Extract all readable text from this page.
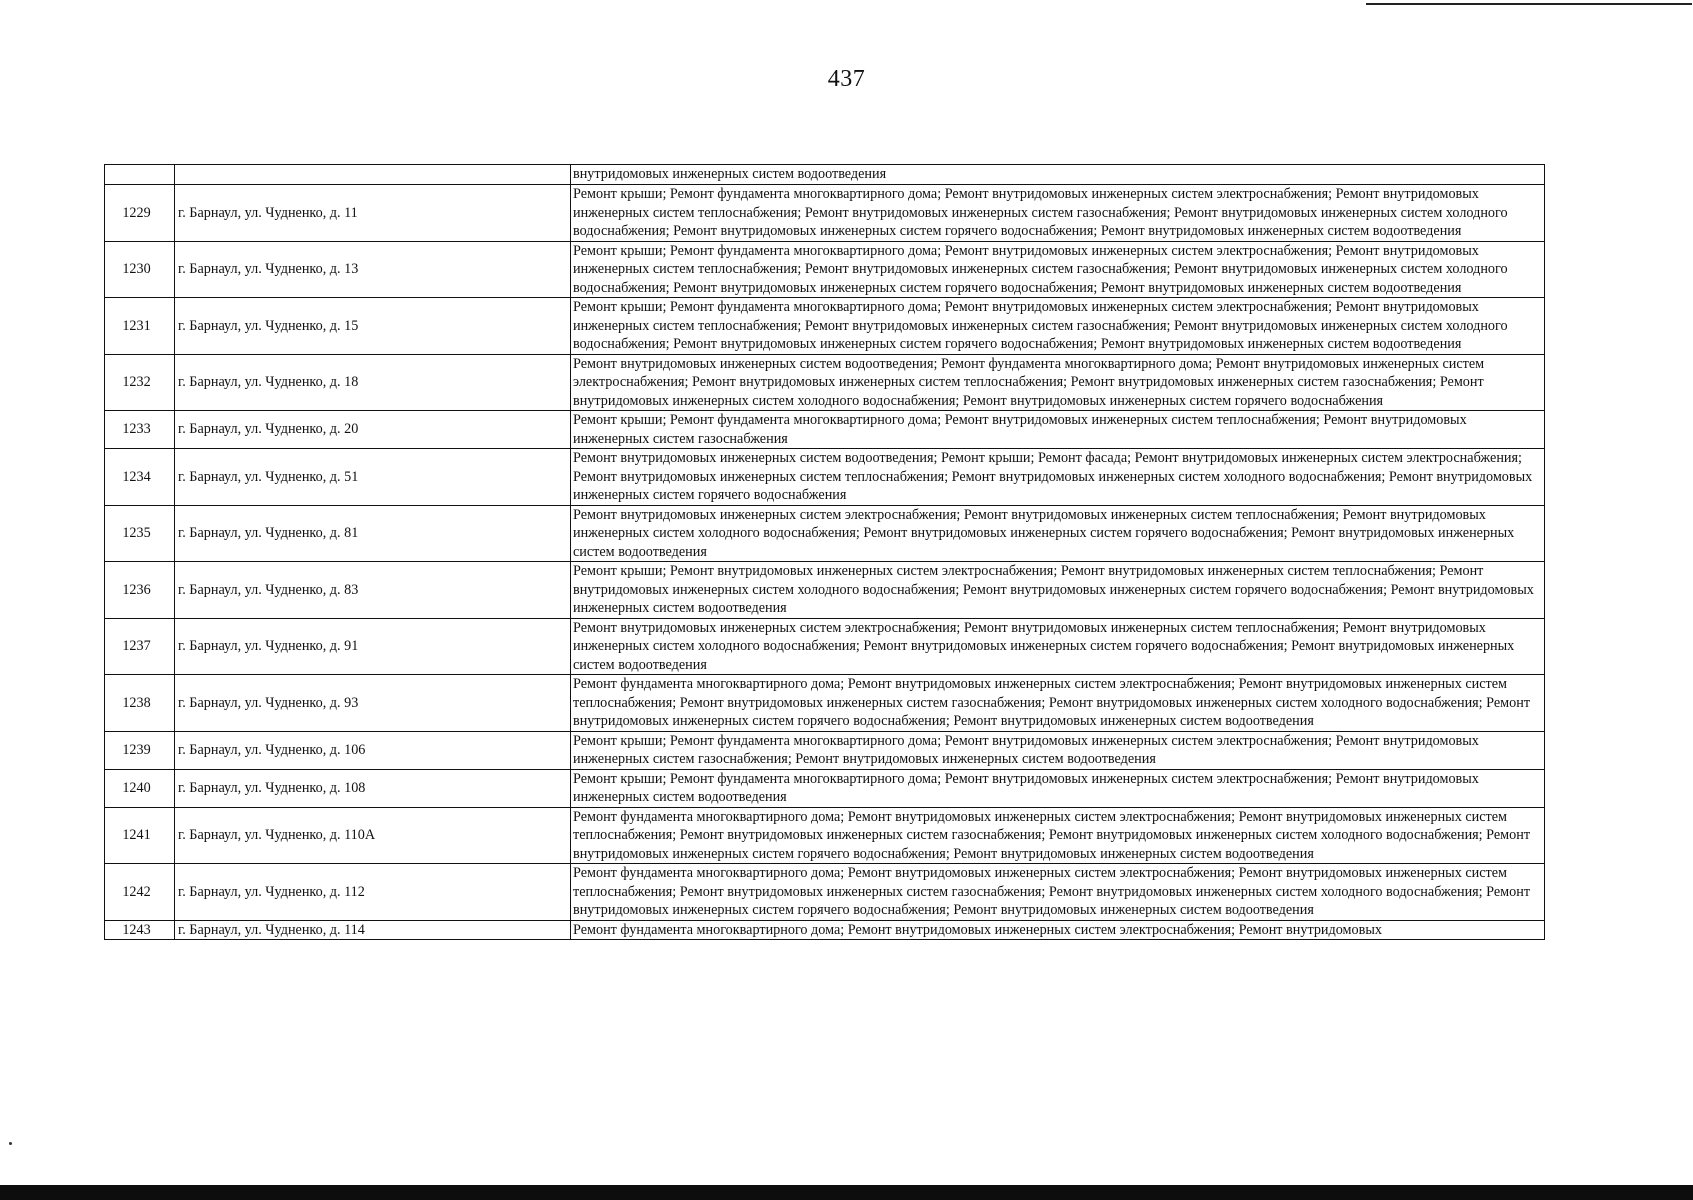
437
		внутридомовых инженерных систем водоотведения
1229	г. Барнаул, ул. Чудненко, д. 11	Ремонт крыши; Ремонт фундамента многоквартирного дома; Ремонт внутридомовых инженерных систем электроснабжения; Ремонт внутридомовых инженерных систем теплоснабжения; Ремонт внутридомовых инженерных систем газоснабжения; Ремонт внутридомовых инженерных систем холодного водоснабжения; Ремонт внутридомовых инженерных систем горячего водоснабжения; Ремонт внутридомовых инженерных систем водоотведения
1230	г. Барнаул, ул. Чудненко, д. 13	Ремонт крыши; Ремонт фундамента многоквартирного дома; Ремонт внутридомовых инженерных систем электроснабжения; Ремонт внутридомовых инженерных систем теплоснабжения; Ремонт внутридомовых инженерных систем газоснабжения; Ремонт внутридомовых инженерных систем холодного водоснабжения; Ремонт внутридомовых инженерных систем горячего водоснабжения; Ремонт внутридомовых инженерных систем водоотведения
1231	г. Барнаул, ул. Чудненко, д. 15	Ремонт крыши; Ремонт фундамента многоквартирного дома; Ремонт внутридомовых инженерных систем электроснабжения; Ремонт внутридомовых инженерных систем теплоснабжения; Ремонт внутридомовых инженерных систем газоснабжения; Ремонт внутридомовых инженерных систем холодного водоснабжения; Ремонт внутридомовых инженерных систем горячего водоснабжения; Ремонт внутридомовых инженерных систем водоотведения
1232	г. Барнаул, ул. Чудненко, д. 18	Ремонт внутридомовых инженерных систем водоотведения; Ремонт фундамента многоквартирного дома; Ремонт внутридомовых инженерных систем электроснабжения; Ремонт внутридомовых инженерных систем теплоснабжения; Ремонт внутридомовых инженерных систем газоснабжения; Ремонт внутридомовых инженерных систем холодного водоснабжения; Ремонт внутридомовых инженерных систем горячего водоснабжения
1233	г. Барнаул, ул. Чудненко, д. 20	Ремонт крыши; Ремонт фундамента многоквартирного дома; Ремонт внутридомовых инженерных систем теплоснабжения; Ремонт внутридомовых инженерных систем газоснабжения
1234	г. Барнаул, ул. Чудненко, д. 51	Ремонт внутридомовых инженерных систем водоотведения; Ремонт крыши; Ремонт фасада; Ремонт внутридомовых инженерных систем электроснабжения; Ремонт внутридомовых инженерных систем теплоснабжения; Ремонт внутридомовых инженерных систем холодного водоснабжения; Ремонт внутридомовых инженерных систем горячего водоснабжения
1235	г. Барнаул, ул. Чудненко, д. 81	Ремонт внутридомовых инженерных систем электроснабжения; Ремонт внутридомовых инженерных систем теплоснабжения; Ремонт внутридомовых инженерных систем холодного водоснабжения; Ремонт внутридомовых инженерных систем горячего водоснабжения; Ремонт внутридомовых инженерных систем водоотведения
1236	г. Барнаул, ул. Чудненко, д. 83	Ремонт крыши; Ремонт внутридомовых инженерных систем электроснабжения; Ремонт внутридомовых инженерных систем теплоснабжения; Ремонт внутридомовых инженерных систем холодного водоснабжения; Ремонт внутридомовых инженерных систем горячего водоснабжения; Ремонт внутридомовых инженерных систем водоотведения
1237	г. Барнаул, ул. Чудненко, д. 91	Ремонт внутридомовых инженерных систем электроснабжения; Ремонт внутридомовых инженерных систем теплоснабжения; Ремонт внутридомовых инженерных систем холодного водоснабжения; Ремонт внутридомовых инженерных систем горячего водоснабжения; Ремонт внутридомовых инженерных систем водоотведения
1238	г. Барнаул, ул. Чудненко, д. 93	Ремонт фундамента многоквартирного дома; Ремонт внутридомовых инженерных систем электроснабжения; Ремонт внутридомовых инженерных систем теплоснабжения; Ремонт внутридомовых инженерных систем газоснабжения; Ремонт внутридомовых инженерных систем холодного водоснабжения; Ремонт внутридомовых инженерных систем горячего водоснабжения; Ремонт внутридомовых инженерных систем водоотведения
1239	г. Барнаул, ул. Чудненко, д. 106	Ремонт крыши; Ремонт фундамента многоквартирного дома; Ремонт внутридомовых инженерных систем электроснабжения; Ремонт внутридомовых инженерных систем газоснабжения; Ремонт внутридомовых инженерных систем водоотведения
1240	г. Барнаул, ул. Чудненко, д. 108	Ремонт крыши; Ремонт фундамента многоквартирного дома; Ремонт внутридомовых инженерных систем электроснабжения; Ремонт внутридомовых инженерных систем водоотведения
1241	г. Барнаул, ул. Чудненко, д. 110А	Ремонт фундамента многоквартирного дома; Ремонт внутридомовых инженерных систем электроснабжения; Ремонт внутридомовых инженерных систем теплоснабжения; Ремонт внутридомовых инженерных систем газоснабжения; Ремонт внутридомовых инженерных систем холодного водоснабжения; Ремонт внутридомовых инженерных систем горячего водоснабжения; Ремонт внутридомовых инженерных систем водоотведения
1242	г. Барнаул, ул. Чудненко, д. 112	Ремонт фундамента многоквартирного дома; Ремонт внутридомовых инженерных систем электроснабжения; Ремонт внутридомовых инженерных систем теплоснабжения; Ремонт внутридомовых инженерных систем газоснабжения; Ремонт внутридомовых инженерных систем холодного водоснабжения; Ремонт внутридомовых инженерных систем горячего водоснабжения; Ремонт внутридомовых инженерных систем водоотведения
1243	г. Барнаул, ул. Чудненко, д. 114	Ремонт фундамента многоквартирного дома; Ремонт внутридомовых инженерных систем электроснабжения; Ремонт внутридомовых
